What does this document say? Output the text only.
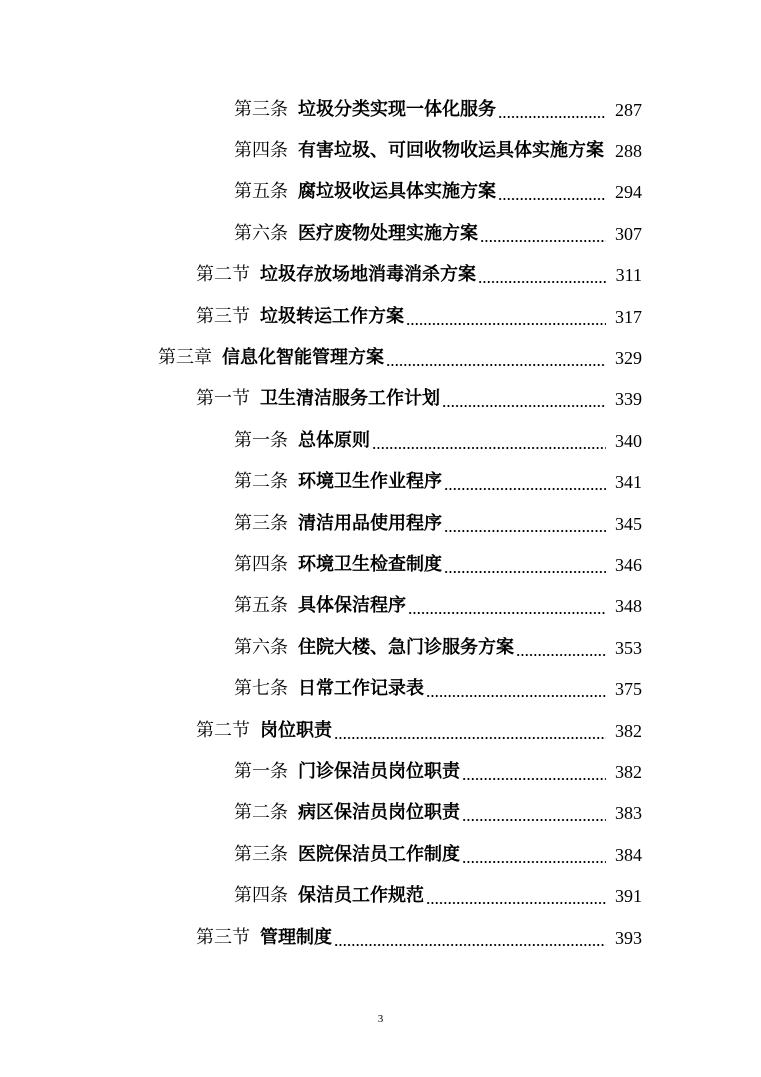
第三条 垃圾分类实现一体化服务	287
第四条 有害垃圾、可回收物收运具体实施方案 288
第五条 腐垃圾收运具体实施方案	294
第六条 医疗废物处理实施方案	307
第二节 垃圾存放场地消毒消杀方案	311
第三节 垃圾转运工作方案	317
第三章 信息化智能管理方案	329
第一节 卫生清洁服务工作计划	339
第一条 总体原则	340
第二条 环境卫生作业程序	341
第三条 清洁用品使用程序	345
第四条 环境卫生检查制度	346
第五条 具体保洁程序	348
第六条 住院大楼、急门诊服务方案	353
第七条 日常工作记录表	375
第二节 岗位职责	382
第一条 门诊保洁员岗位职责	382
第二条 病区保洁员岗位职责	383
第三条 医院保洁员工作制度	384
第四条 保洁员工作规范	391
第三节 管理制度	393
3
